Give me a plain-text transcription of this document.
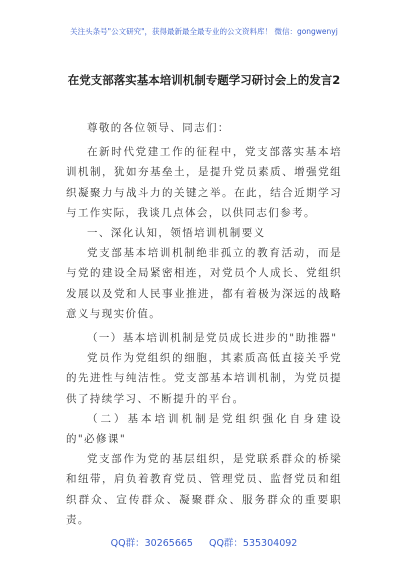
关注头条号"公文研究"，获得最新最全最专业的公文资料库！ 微信：gongwenyj
在党支部落实基本培训机制专题学习研讨会上的发言2

尊敬的各位领导、同志们：

在新时代党建工作的征程中，党支部落实基本培训机制，犹如夯基垒土，是提升党员素质、增强党组织凝聚力与战斗力的关键之举。在此，结合近期学习与工作实际，我谈几点体会，以供同志们参考。

一、深化认知，领悟培训机制要义

党支部基本培训机制绝非孤立的教育活动，而是与党的建设全局紧密相连，对党员个人成长、党组织发展以及党和人民事业推进，都有着极为深远的战略意义与现实价值。

（一）基本培训机制是党员成长进步的"助推器"

党员作为党组织的细胞，其素质高低直接关乎党的先进性与纯洁性。党支部基本培训机制，为党员提供了持续学习、不断提升的平台。

（二）基本培训机制是党组织强化自身建设的"必修课"

党支部作为党的基层组织，是党联系群众的桥梁和纽带，肩负着教育党员、管理党员、监督党员和组织群众、宣传群众、凝聚群众、服务群众的重要职责。

QQ群：30265665 QQ群：535304092
